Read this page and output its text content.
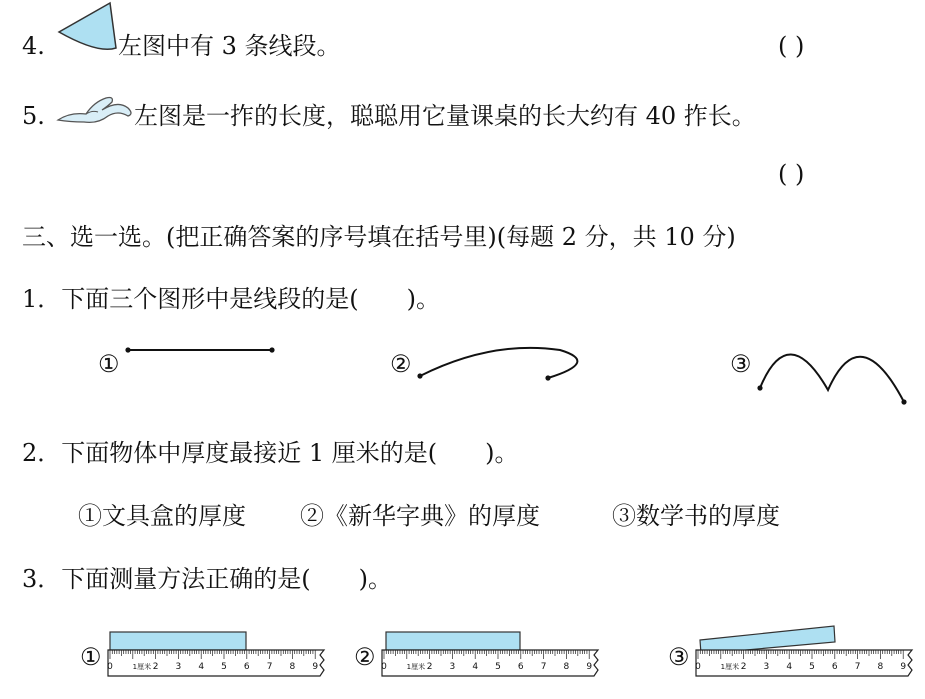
4.	左图中有 3 条线段。	( )
5.	左图是一拃的长度，聪聪用它量课桌的长大约有 40 拃长。
( )
三、选一选。(把正确答案的序号填在括号里)(每题 2 分，共 10 分)
1．下面三个图形中是线段的是(　　)。
①	②	③
2．下面物体中厚度最接近 1 厘米的是(　　)。
①文具盒的厚度 ②《新华字典》的厚度	③数学书的厚度
3．下面测量方法正确的是(　　)。
① 0	1厘米 2 3 4 5 6 7 8 9 ② 0	1厘米 2 3 4 5 6 7 8 9	③ 0	1厘米 2 3 4 5 6 7 8 9
